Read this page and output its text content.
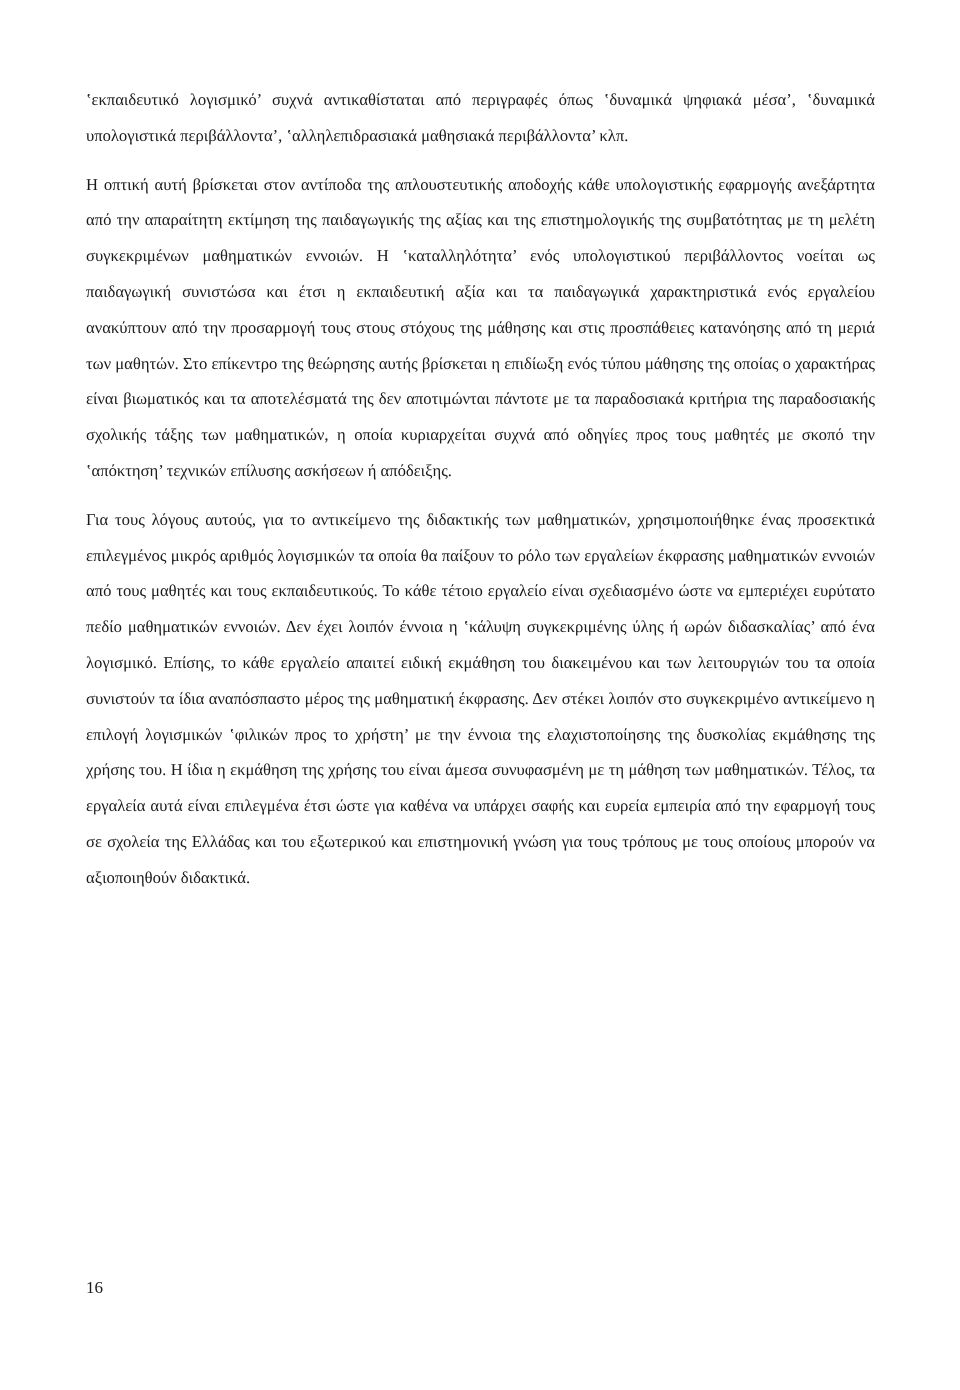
‛εκπαιδευτικό λογισμικό’ συχνά αντικαθίσταται από περιγραφές όπως ‛δυναμικά ψηφιακά μέσα’, ‛δυναμικά υπολογιστικά περιβάλλοντα’, ‛αλληλεπιδρασιακά μαθησιακά περιβάλλοντα’ κλπ.

Η οπτική αυτή βρίσκεται στον αντίποδα της απλουστευτικής αποδοχής κάθε υπολογιστικής εφαρμογής ανεξάρτητα από την απαραίτητη εκτίμηση της παιδαγωγικής της αξίας και της επιστημολογικής της συμβατότητας με τη μελέτη συγκεκριμένων μαθηματικών εννοιών. Η ‛καταλληλότητα’ ενός υπολογιστικού περιβάλλοντος νοείται ως παιδαγωγική συνιστώσα και έτσι η εκπαιδευτική αξία και τα παιδαγωγικά χαρακτηριστικά ενός εργαλείου ανακύπτουν από την προσαρμογή τους στους στόχους της μάθησης και στις προσπάθειες κατανόησης από τη μεριά των μαθητών. Στο επίκεντρο της θεώρησης αυτής βρίσκεται η επιδίωξη ενός τύπου μάθησης της οποίας ο χαρακτήρας είναι βιωματικός και τα αποτελέσματά της δεν αποτιμώνται πάντοτε με τα παραδοσιακά κριτήρια της παραδοσιακής σχολικής τάξης των μαθηματικών, η οποία κυριαρχείται συχνά από οδηγίες προς τους μαθητές με σκοπό την ‛απόκτηση’ τεχνικών επίλυσης ασκήσεων ή απόδειξης.

Για τους λόγους αυτούς, για το αντικείμενο της διδακτικής των μαθηματικών, χρησιμοποιήθηκε ένας προσεκτικά επιλεγμένος μικρός αριθμός λογισμικών τα οποία θα παίξουν το ρόλο των εργαλείων έκφρασης μαθηματικών εννοιών από τους μαθητές και τους εκπαιδευτικούς. Το κάθε τέτοιο εργαλείο είναι σχεδιασμένο ώστε να εμπεριέχει ευρύτατο πεδίο μαθηματικών εννοιών. Δεν έχει λοιπόν έννοια η ‛κάλυψη συγκεκριμένης ύλης ή ωρών διδασκαλίας’ από ένα λογισμικό. Επίσης, το κάθε εργαλείο απαιτεί ειδική εκμάθηση του διακειμένου και των λειτουργιών του τα οποία συνιστούν τα ίδια αναπόσπαστο μέρος της μαθηματική έκφρασης. Δεν στέκει λοιπόν στο συγκεκριμένο αντικείμενο η επιλογή λογισμικών ‛φιλικών προς το χρήστη’ με την έννοια της ελαχιστοποίησης της δυσκολίας εκμάθησης της χρήσης του. Η ίδια η εκμάθηση της χρήσης του είναι άμεσα συνυφασμένη με τη μάθηση των μαθηματικών. Τέλος, τα εργαλεία αυτά είναι επιλεγμένα έτσι ώστε για καθένα να υπάρχει σαφής και ευρεία εμπειρία από την εφαρμογή τους σε σχολεία της Ελλάδας και του εξωτερικού και επιστημονική γνώση για τους τρόπους με τους οποίους μπορούν να αξιοποιηθούν διδακτικά.

16
